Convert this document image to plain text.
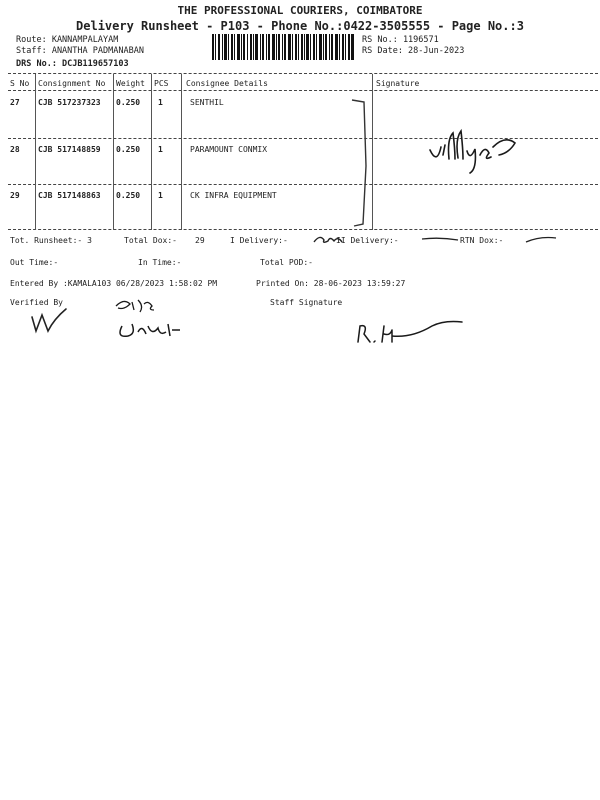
THE PROFESSIONAL COURIERS, COIMBATORE
Delivery Runsheet - P103 - Phone No.:0422-3505555 - Page No.:3
Route: KANNAMPALAYAM
Staff: ANANTHA PADMANABAN
DRS No.: DCJB119657103
RS No.: 1196571
RS Date: 28-Jun-2023
S No Consignment No Weight PCS Consignee Details	Signature
27 CJB 517237323 0.250 1	SENTHIL
28 CJB 517148859 0.250 1	PARAMOUNT CONMIX
29 CJB 517148863 0.250 1	CK INFRA EQUIPMENT
Tot. Runsheet:- 3	Total Dox:- 29	I Delivery:-	II Delivery:-	RTN Dox:-
Out Time:-	In Time:-	Total POD:-
Entered By :KAMALA103 06/28/2023 1:58:02 PM	Printed On: 28-06-2023 13:59:27
Verified By	Staff Signature
